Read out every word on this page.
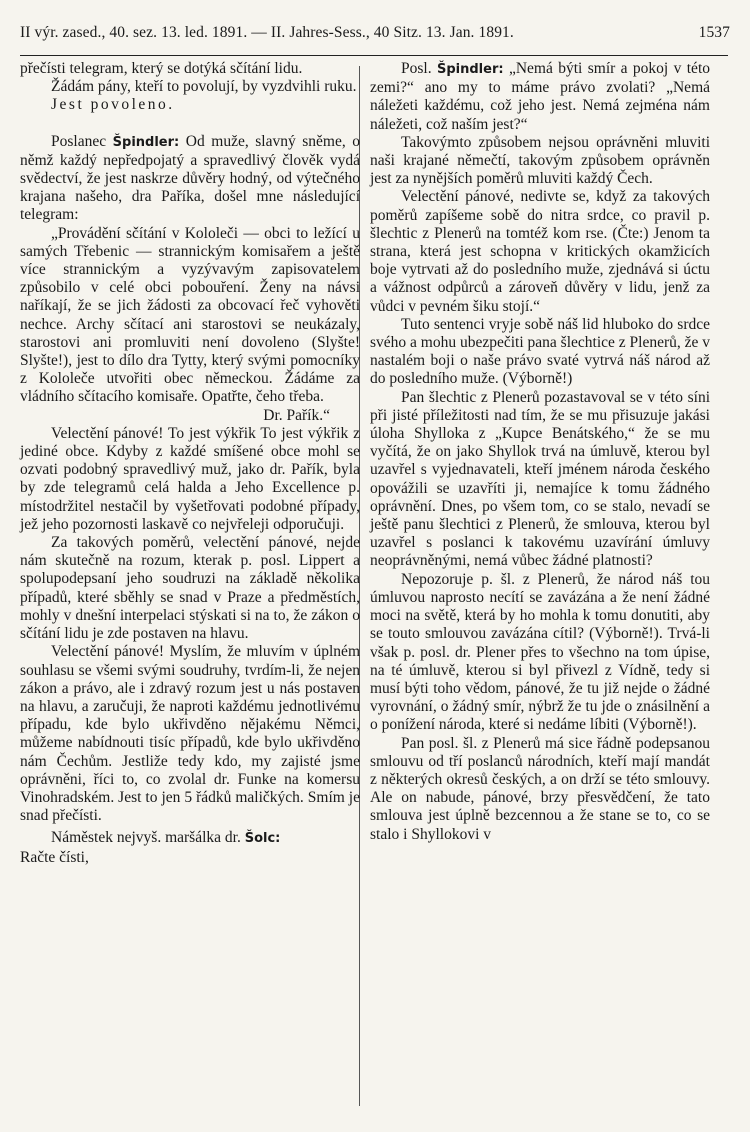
II výr. zased., 40. sez. 13. led. 1891. — II. Jahres-Sess., 40 Sitz. 13. Jan. 1891.	1537

přečísti telegram, který se dotýká sčítání lidu.

Žádám pány, kteří to povolují, by vyzdvihli ruku.

Jest povoleno.

Poslanec Špindler: Od muže, slavný sněme, o němž každý nepředpojatý a spravedlivý člověk vydá svědectví, že jest naskrze důvěry hodný, od výtečného krajana našeho, dra Paříka, došel mne následující telegram:

„Provádění sčítání v Kololeči — obci to ležící u samých Třebenic — strannickým komisařem a ještě více strannickým a vyzývavým zapisovatelem způsobilo v celé obci pobouření. Ženy na návsi naříkají, že se jich žádosti za obcovací řeč vyhověti nechce. Archy sčítací ani starostovi se neukázaly, starostovi ani promluviti není dovoleno (Slyšte! Slyšte!), jest to dílo dra Tytty, který svými pomocníky z Kololeče utvořiti obec německou. Žádáme za vládního sčítacího komisaře. Opatřte, čeho třeba.

Dr. Pařík.“

Velectění pánové! To jest výkřik To jest výkřik z jediné obce. Kdyby z každé smíšené obce mohl se ozvati podobný spravedlivý muž, jako dr. Pařík, byla by zde telegramů celá halda a Jeho Excellence p. místodržitel nestačil by vyšetřovati podobné případy, jež jeho pozornosti laskavě co nejvřeleji odporučuji.

Za takových poměrů, velectění pánové, nejde nám skutečně na rozum, kterak p. posl. Lippert a spolupodepsaní jeho soudruzi na základě několika případů, které sběhly se snad v Praze a předměstích, mohly v dnešní interpelaci stýskati si na to, že zákon o sčítání lidu je zde postaven na hlavu.

Velectění pánové! Myslím, že mluvím v úplném souhlasu se všemi svými soudruhy, tvrdím-li, že nejen zákon a právo, ale i zdravý rozum jest u nás postaven na hlavu, a zaručuji, že naproti každému jednotlivému případu, kde bylo ukřivděno nějakému Němci, můžeme nabídnouti tisíc případů, kde bylo ukřivděno nám Čechům. Jestliže tedy kdo, my zajisté jsme oprávněni, říci to, co zvolal dr. Funke na komersu Vinohradském. Jest to jen 5 řádků maličkých. Smím je snad přečísti.

Náměstek nejvyš. maršálka dr. Šolc:

Račte čísti,

Posl. Špindler: „Nemá býti smír a pokoj v této zemi?“ ano my to máme právo zvolati? „Nemá náležeti každému, což jeho jest. Nemá zejména nám náležeti, což naším jest?“

Takovýmto způsobem nejsou oprávněni mluviti naši krajané němečtí, takovým způsobem oprávněn jest za nynějších poměrů mluviti každý Čech.

Velectění pánové, nedivte se, když za takových poměrů zapíšeme sobě do nitra srdce, co pravil p. šlechtic z Plenerů na tomtéž kom rse. (Čte:) Jenom ta strana, která jest schopna v kritických okamžicích boje vytrvati až do posledního muže, zjednává si úctu a vážnost odpůrců a zároveň důvěry v lidu, jenž za vůdci v pevném šiku stojí.“

Tuto sentenci vryje sobě náš lid hluboko do srdce svého a mohu ubezpečiti pana šlechtice z Plenerů, že v nastalém boji o naše právo svaté vytrvá náš národ až do posledního muže. (Výborně!)

Pan šlechtic z Plenerů pozastavoval se v této síni při jisté příležitosti nad tím, že se mu přisuzuje jakási úloha Shylloka z „Kupce Benátského,“ že se mu vyčítá, že on jako Shyllok trvá na úmluvě, kterou byl uzavřel s vyjednavateli, kteří jménem národa českého opovážili se uzavříti ji, nemajíce k tomu žádného oprávnění. Dnes, po všem tom, co se stalo, nevadí se ještě panu šlechtici z Plenerů, že smlouva, kterou byl uzavřel s poslanci k takovému uzavírání úmluvy neoprávněnými, nemá vůbec žádné platnosti?

Nepozoruje p. šl. z Plenerů, že národ náš tou úmluvou naprosto necítí se zavázána a že není žádné moci na světě, která by ho mohla k tomu donutiti, aby se touto smlouvou zavázána cítil? (Výborně!). Trvá-li však p. posl. dr. Plener přes to všechno na tom úpise, na té úmluvě, kterou si byl přivezl z Vídně, tedy si musí býti toho vědom, pánové, že tu již nejde o žádné vyrovnání, o žádný smír, nýbrž že tu jde o znásilnění a o ponížení národa, které si nedáme líbiti (Výborně!).

Pan posl. šl. z Plenerů má sice řádně podepsanou smlouvu od tří poslanců národních, kteří mají mandát z některých okresů českých, a on drží se této smlouvy. Ale on nabude, pánové, brzy přesvědčení, že tato smlouva jest úplně bezcennou a že stane se to, co se stalo i Shyllokovi v
